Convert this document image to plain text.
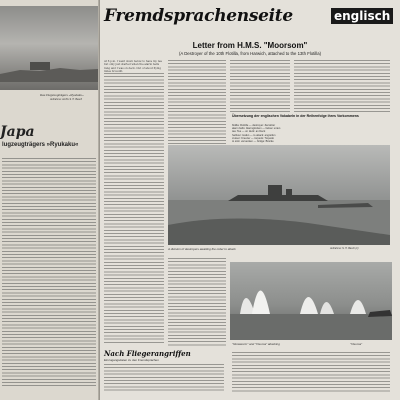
Das Flugzeugträgers »Ryukaku«
Aufnahme: Archiv S. H. Basch
Japa
lugzeugträgers »Ryukaku«
Fremdsprachenseite	englisch
Letter from H.M.S. "Moorsom"
(A Destroyer of the 10th Flotilla, from Harwich, attached to the 13th Flotilla)
At 6 p.m. I went down below to have my tea but only just started when the alarm bells rang and I was on deck. Out of about flying miles brought.
A division of destroyers awaiting the order to attack	Aufnahme: S. H. Basch (1)
"Glowworm" and "Visuma" attacking	"Visuma"
Übersetzung der englischen Vokabeln in der Reihenfolge ihres Vorkommens
flotilla: Flottille — destroyer: Zerstörer
alarm bells: Alarmglocken — below: unten
tea: Tee — on deck: an Deck
harbour: Hafen — to attack: angreifen
cruiser: Kreuzer — torpedo: Torpedo
to sink: versenken — bridge: Brücke
Nach Fliegerangriffen
Einzugangsdaten zu den Fremdsprachen
